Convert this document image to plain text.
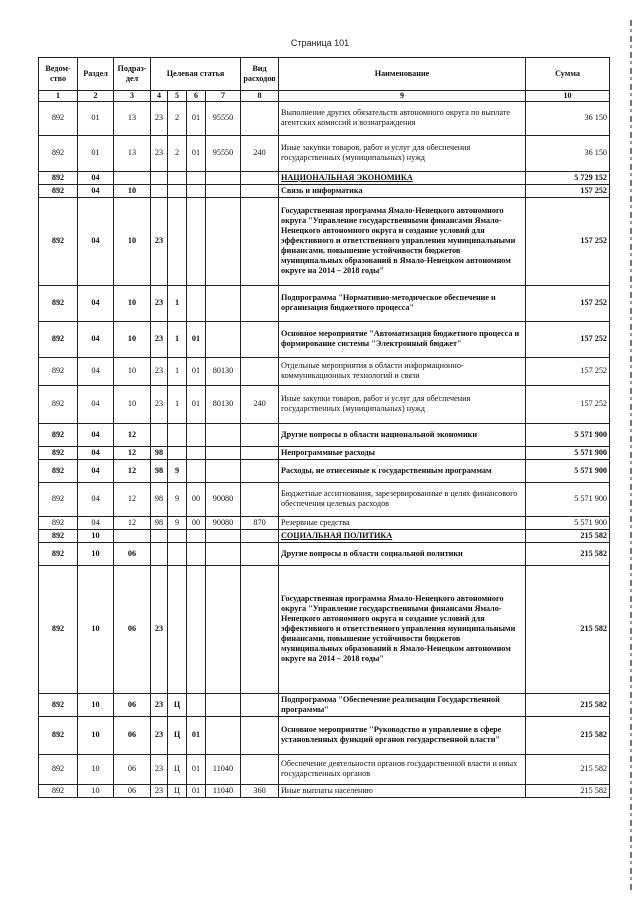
Страница 101
Ведом-ство	Раздел	Подраз-дел	Целевая статья				Вид расходов	Наименование	Сумма
1	2	3	4	5	6	7	8	9	10
892	01	13	23	2	01	95550		Выполнение других обязательств автономного округа по выплате агентских комиссий и вознаграждения	36 150
892	01	13	23	2	01	95550	240	Иные закупки товаров, работ и услуг для обеспечения государственных (муниципальных) нужд	36 150
892	04							НАЦИОНАЛЬНАЯ ЭКОНОМИКА	5 729 152
892	04	10						Связь и информатика	157 252
892	04	10	23					Государственная программа Ямало-Ненецкого автономного округа "Управление государственными финансами Ямало-Ненецкого автономного округа и создание условий для эффективного и ответственного управления муниципальными финансами, повышение устойчивости бюджетов муниципальных образований в Ямало-Ненецком автономном округе на 2014 – 2018 годы"	157 252
892	04	10	23	1				Подпрограмма "Нормативно-методическое обеспечение и организация бюджетного процесса"	157 252
892	04	10	23	1	01			Основное мероприятие "Автоматизация бюджетного процесса и формирование системы "Электронный бюджет"	157 252
892	04	10	23	1	01	80130		Отдельные мероприятия в области информационно-коммуникационных технологий и связи	157 252
892	04	10	23	1	01	80130	240	Иные закупки товаров, работ и услуг для обеспечения государственных (муниципальных) нужд	157 252
892	04	12						Другие вопросы в области национальной экономики	5 571 900
892	04	12	98					Непрограммные расходы	5 571 900
892	04	12	98	9				Расходы, не отнесенные к государственным программам	5 571 900
892	04	12	98	9	00	90080		Бюджетные ассигнования, зарезервированные в целях финансового обеспечения целевых расходов	5 571 900
892	04	12	98	9	00	90080	870	Резервные средства	5 571 900
892	10							СОЦИАЛЬНАЯ ПОЛИТИКА	215 582
892	10	06						Другие вопросы в области социальной политики	215 582
892	10	06	23					Государственная программа Ямало-Ненецкого автономного округа "Управление государственными финансами Ямало-Ненецкого автономного округа и создание условий для эффективного и ответственного управления муниципальными финансами, повышение устойчивости бюджетов муниципальных образований в Ямало-Ненецком автономном округе на 2014 – 2018 годы"	215 582
892	10	06	23	Ц				Подпрограмма "Обеспечение реализации Государственной программы"	215 582
892	10	06	23	Ц	01			Основное мероприятие "Руководство и управление в сфере установленных функций органов государственной власти"	215 582
892	10	06	23	Ц	01	11040		Обеспечение деятельности органов государственной власти и иных государственных органов	215 582
892	10	06	23	Ц	01	11040	360	Иные выплаты населению	215 582
